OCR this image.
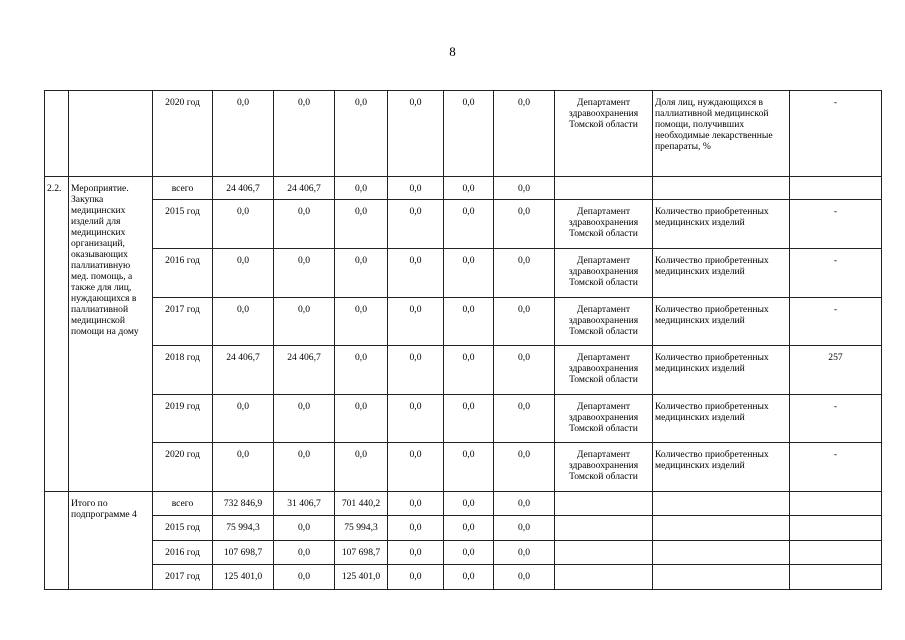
8
		2020 год	0,0	0,0	0,0	0,0	0,0	0,0	Департамент здравоохранения Томской области	Доля лиц, нуждающихся в паллиативной медицинской помощи, получивших необходимые лекарственные препараты, %	-
2.2.	Мероприятие. Закупка медицинских изделий для медицинских организаций, оказывающих паллиативную мед. помощь, а также для лиц, нуждающихся в паллиативной медицинской помощи на дому	всего	24 406,7	24 406,7	0,0	0,0	0,0	0,0			
		2015 год	0,0	0,0	0,0	0,0	0,0	0,0	Департамент здравоохранения Томской области	Количество приобретенных медицинских изделий	-
		2016 год	0,0	0,0	0,0	0,0	0,0	0,0	Департамент здравоохранения Томской области	Количество приобретенных медицинских изделий	-
		2017 год	0,0	0,0	0,0	0,0	0,0	0,0	Департамент здравоохранения Томской области	Количество приобретенных медицинских изделий	-
		2018 год	24 406,7	24 406,7	0,0	0,0	0,0	0,0	Департамент здравоохранения Томской области	Количество приобретенных медицинских изделий	257
		2019 год	0,0	0,0	0,0	0,0	0,0	0,0	Департамент здравоохранения Томской области	Количество приобретенных медицинских изделий	-
		2020 год	0,0	0,0	0,0	0,0	0,0	0,0	Департамент здравоохранения Томской области	Количество приобретенных медицинских изделий	-
	Итого по подпрограмме 4	всего	732 846,9	31 406,7	701 440,2	0,0	0,0	0,0			
		2015 год	75 994,3	0,0	75 994,3	0,0	0,0	0,0			
		2016 год	107 698,7	0,0	107 698,7	0,0	0,0	0,0			
		2017 год	125 401,0	0,0	125 401,0	0,0	0,0	0,0			
